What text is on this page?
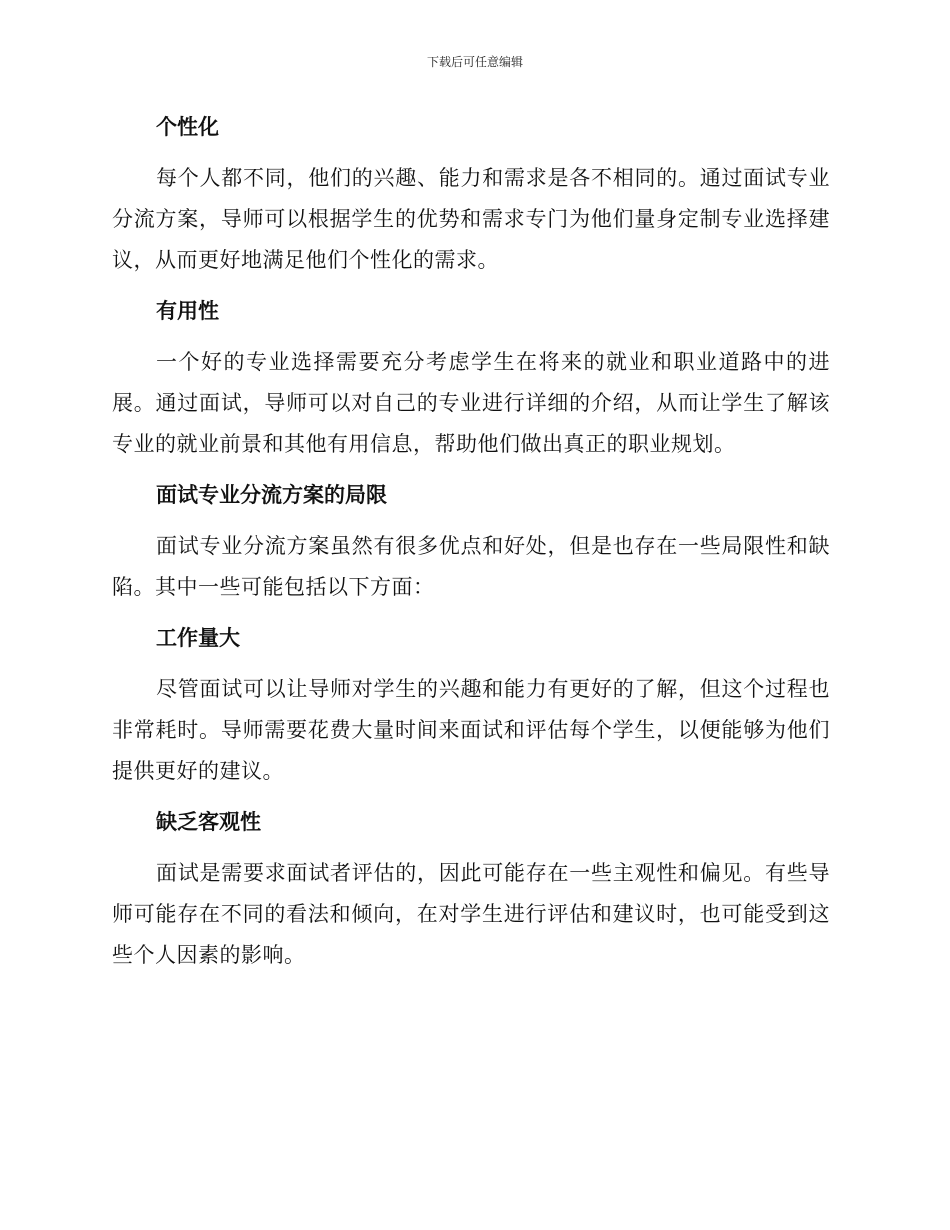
下载后可任意编辑
个性化

每个人都不同，他们的兴趣、能力和需求是各不相同的。通过面试专业分流方案，导师可以根据学生的优势和需求专门为他们量身定制专业选择建议，从而更好地满足他们个性化的需求。

有用性

一个好的专业选择需要充分考虑学生在将来的就业和职业道路中的进展。通过面试，导师可以对自己的专业进行详细的介绍，从而让学生了解该专业的就业前景和其他有用信息，帮助他们做出真正的职业规划。

面试专业分流方案的局限

面试专业分流方案虽然有很多优点和好处，但是也存在一些局限性和缺陷。其中一些可能包括以下方面：

工作量大

尽管面试可以让导师对学生的兴趣和能力有更好的了解，但这个过程也非常耗时。导师需要花费大量时间来面试和评估每个学生，以便能够为他们提供更好的建议。

缺乏客观性

面试是需要求面试者评估的，因此可能存在一些主观性和偏见。有些导师可能存在不同的看法和倾向，在对学生进行评估和建议时，也可能受到这些个人因素的影响。
